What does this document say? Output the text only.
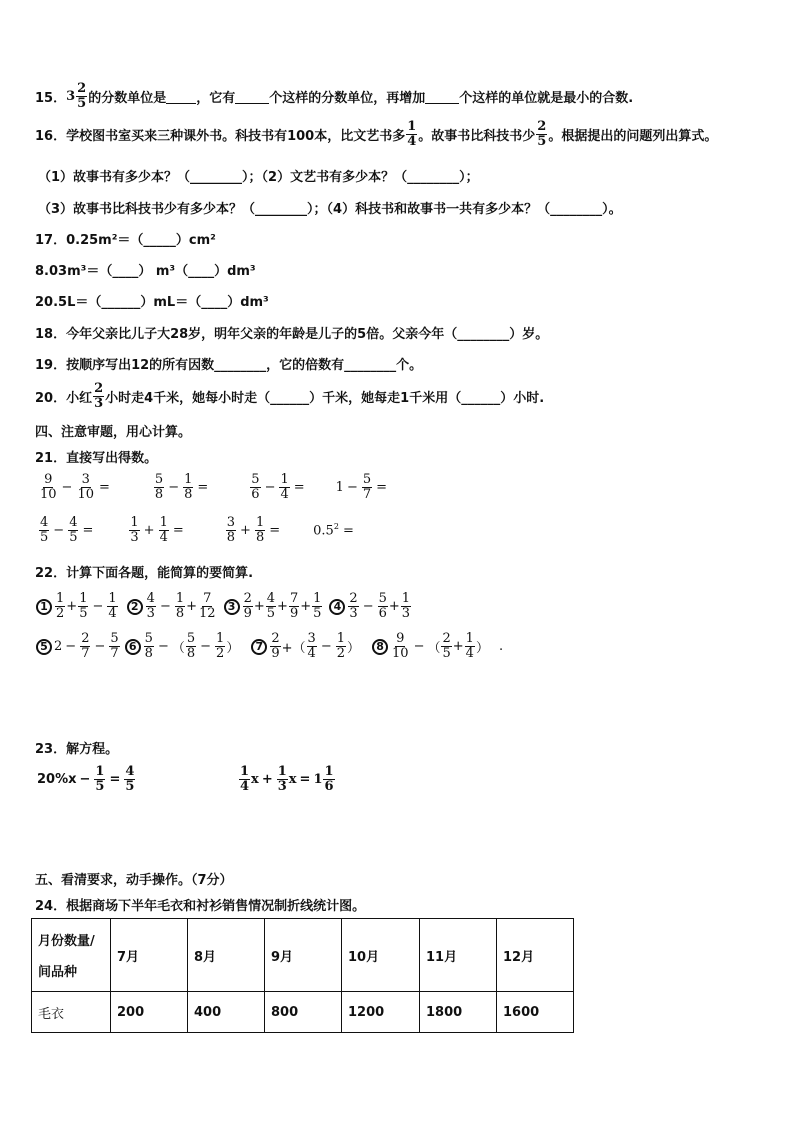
15． 3
2
5 的分数单位是 ，它有	个这样的分数单位，再增加	个这样的单位就是最小的合数.
16． 学校图书室买来三种课外书。科技书有100本，比文艺书多
1
4 。故事书比科技书少
2
5 。根据提出的问题列出算式。
（1）故事书有多少本？（________）；（2）文艺书有多少本？（________）；
（3）故事书比科技书少有多少本？（________）；（4）科技书和故事书一共有多少本？（________）。
17．0.25m²＝（_____）cm²
8.03m³＝（____） m³（____）dm³
20.5L＝（______）mL＝（____）dm³
18．今年父亲比儿子大28岁，明年父亲的年龄是儿子的5倍。父亲今年（________）岁。
19．按顺序写出12的所有因数________，它的倍数有________个。
20．小红
2
3 小时走4千米，她每小时走（______）千米，她每走1千米用（______）小时.
四、注意审题，用心计算。
21．直接写出得数。
9
$10 - \frac{3}{10}$ =
5
$8 - \frac{1}{8}$ =
5
$6 - \frac{1}{4} = 1 - \frac{5}{7}$ =
4
$5 - \frac{4}{5}$ =
1
$3 + \frac{1}{4}$ =
3
$8 + \frac{1}{8}$ =	$0.5^2$ =
22．计算下面各题，能简算的要简算.
1
1
2 +
1
$5 - \frac{1}{4}$	2
4
$3 - \frac{1}{8}$ +
7
12	3
2
9 +
4
5 +
7
9 +
1
5	4
2
$3 - \frac{5}{6}$ +
1
3
5 $2 - \frac{2}{7} - \frac{5}{7} 6$
5
8 − （ $\frac{5}{8} - \frac{1}{2}$ ）	7
2
9 +（
3
$4 - \frac{1}{2}$ ）	8
9
10 − （ $\frac{2}{5}$ +
1
4 ） .
23．解方程。
$20\%x - \frac{1}{5} = \frac{4}{5}$	1
4 $x + \frac{1}{3}$ x = 1
1
6
五、看清要求，动手操作。（7分）
24．根据商场下半年毛衣和衬衫销售情况制折线统计图。
月份数量/
间品种	7月	8月	9月	10月	11月	12月
毛衣	200	400	800	1200	1800	1600
